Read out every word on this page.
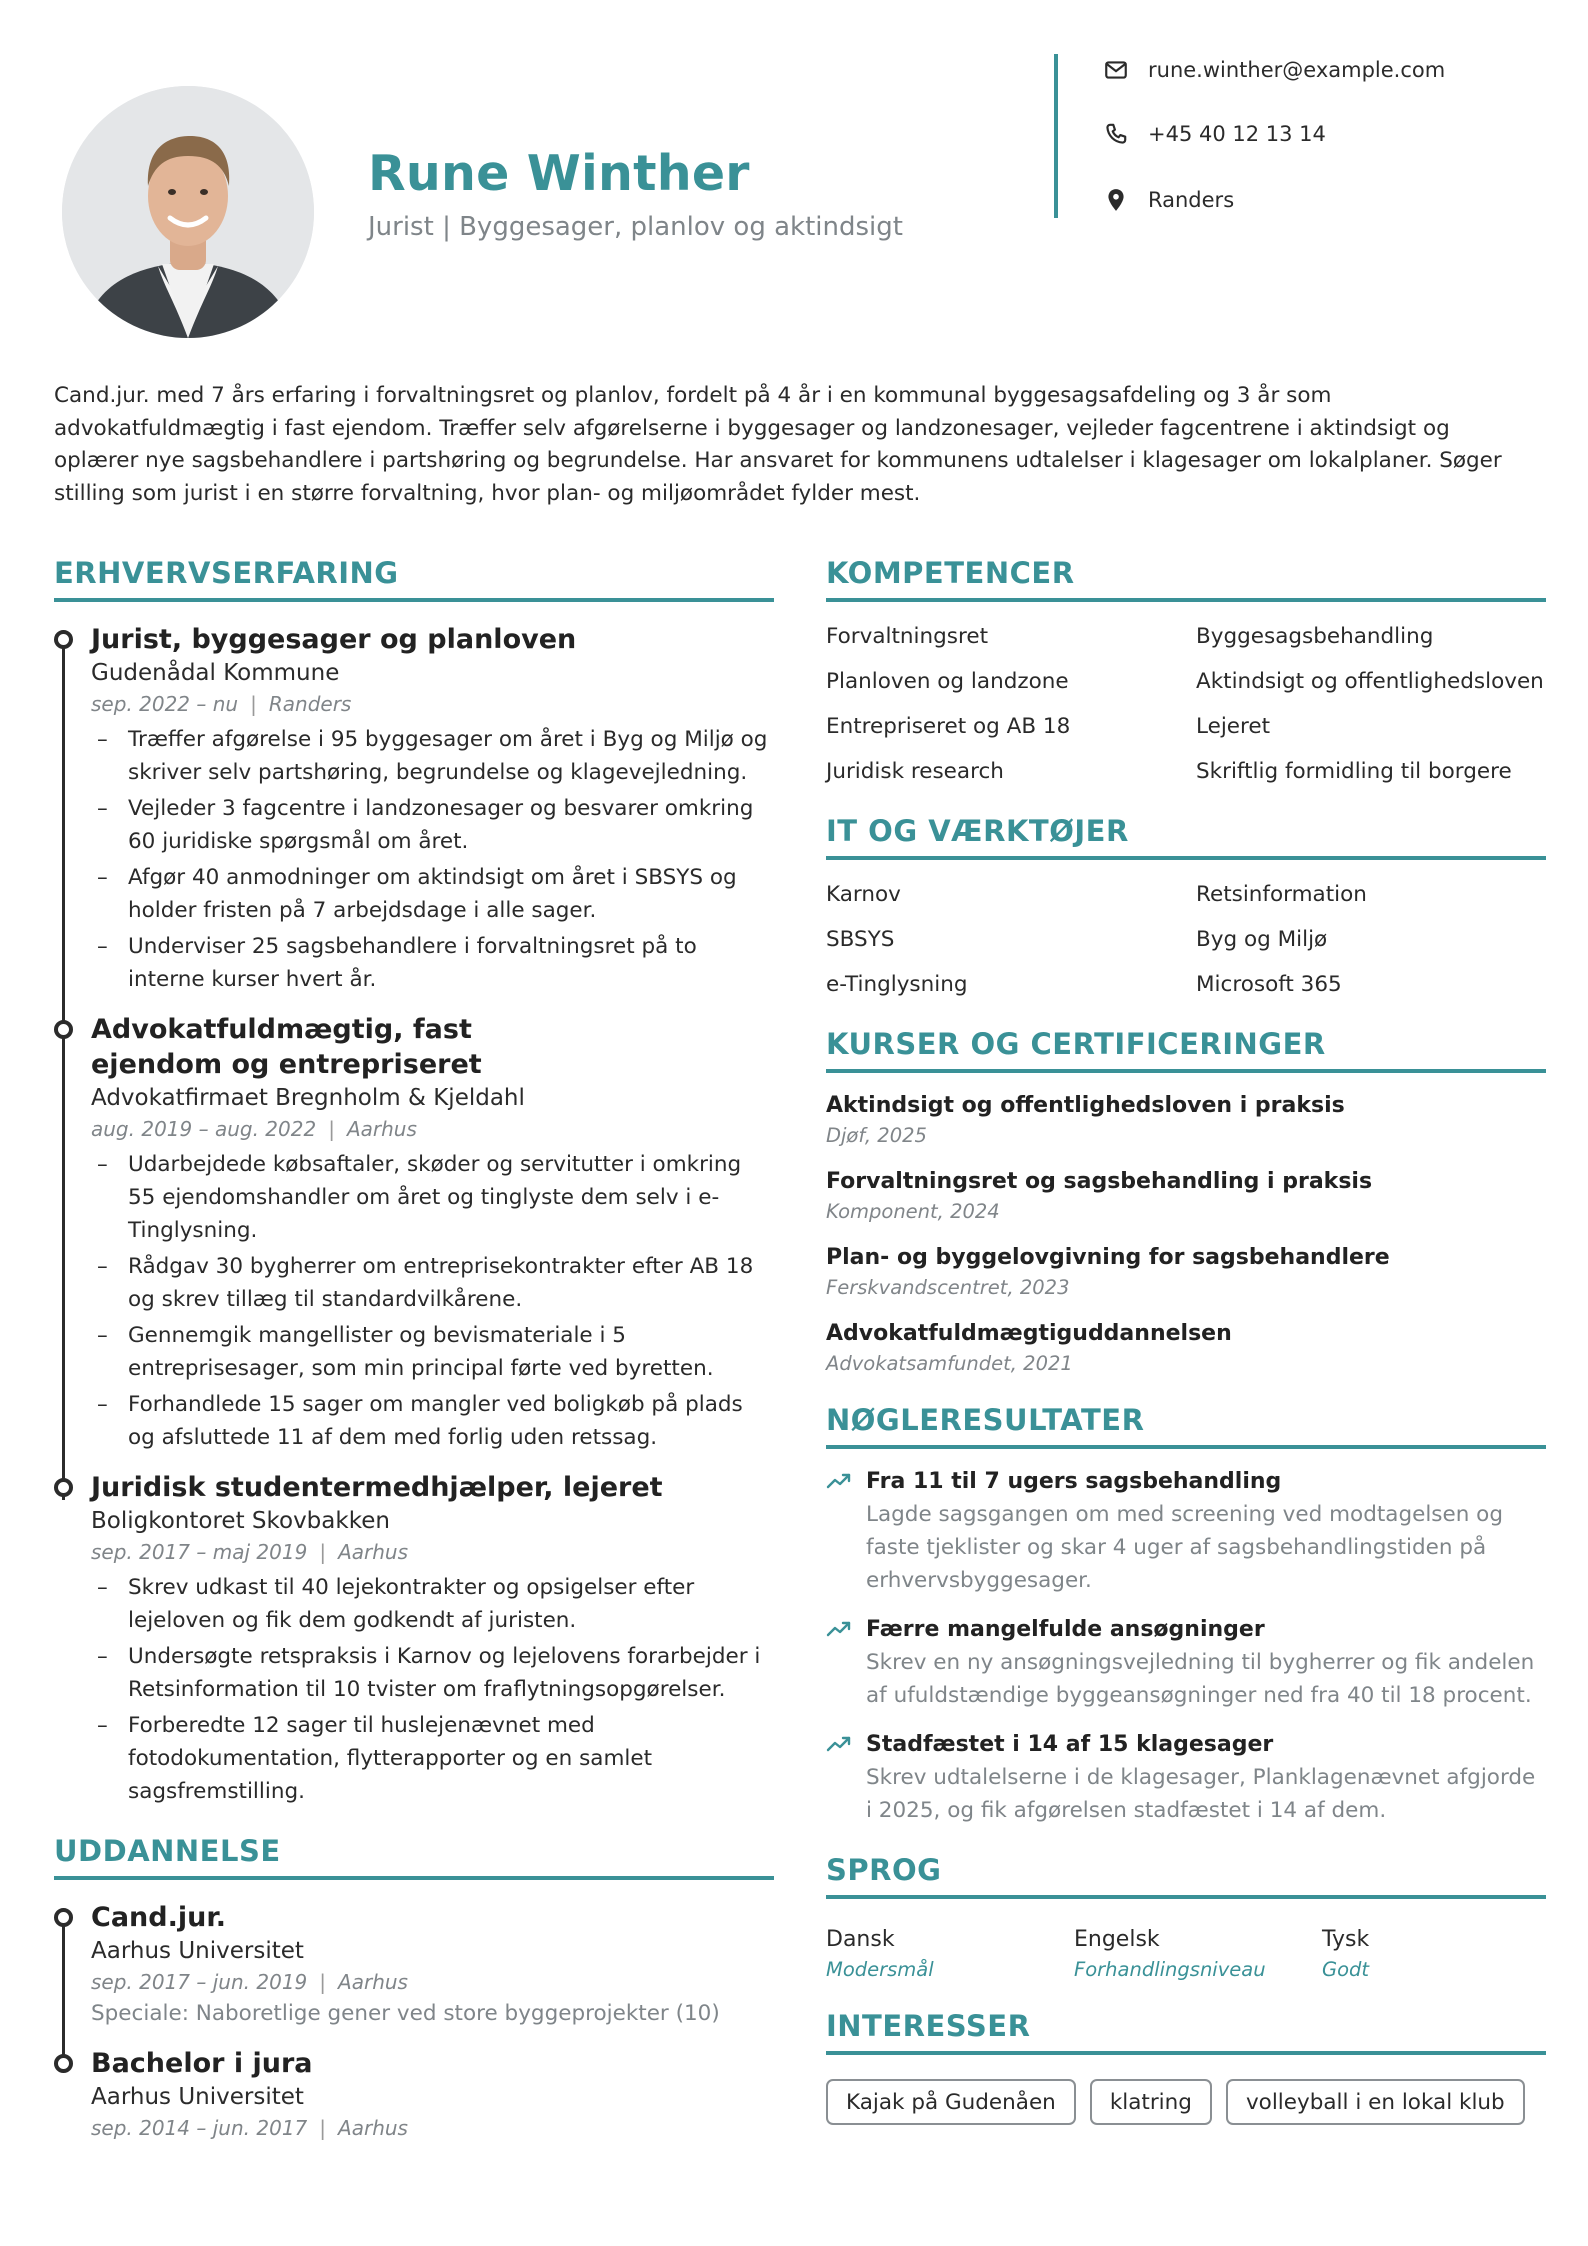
Rune Winther
Jurist | Byggesager, planlov og aktindsigt
rune.winther@example.com
+45 40 12 13 14
Randers
Cand.jur. med 7 års erfaring i forvaltningsret og planlov, fordelt på 4 år i en kommunal byggesagsafdeling og 3 år som advokatfuldmægtig i fast ejendom. Træffer selv afgørelserne i byggesager og landzonesager, vejleder fagcentrene i aktindsigt og oplærer nye sagsbehandlere i partshøring og begrundelse. Har ansvaret for kommunens udtalelser i klagesager om lokalplaner. Søger stilling som jurist i en større forvaltning, hvor plan- og miljøområdet fylder mest.
ERHVERVSERFARING
Jurist, byggesager og planloven
Gudenådal Kommune
sep. 2022 – nu | Randers
– Træffer afgørelse i 95 byggesager om året i Byg og Miljø og skriver selv partshøring, begrundelse og klagevejledning.
– Vejleder 3 fagcentre i landzonesager og besvarer omkring 60 juridiske spørgsmål om året.
– Afgør 40 anmodninger om aktindsigt om året i SBSYS og holder fristen på 7 arbejdsdage i alle sager.
– Underviser 25 sagsbehandlere i forvaltningsret på to interne kurser hvert år.
Advokatfuldmægtig, fast ejendom og entrepriseret
Advokatfirmaet Bregnholm & Kjeldahl
aug. 2019 – aug. 2022 | Aarhus
– Udarbejdede købsaftaler, skøder og servitutter i omkring 55 ejendomshandler om året og tinglyste dem selv i e-Tinglysning.
– Rådgav 30 bygherrer om entreprisekontrakter efter AB 18 og skrev tillæg til standardvilkårene.
– Gennemgik mangellister og bevismateriale i 5 entreprisesager, som min principal førte ved byretten.
– Forhandlede 15 sager om mangler ved boligkøb på plads og afsluttede 11 af dem med forlig uden retssag.
Juridisk studentermedhjælper, lejeret
Boligkontoret Skovbakken
sep. 2017 – maj 2019 | Aarhus
– Skrev udkast til 40 lejekontrakter og opsigelser efter lejeloven og fik dem godkendt af juristen.
– Undersøgte retspraksis i Karnov og lejelovens forarbejder i Retsinformation til 10 tvister om fraflytningsopgørelser.
– Forberedte 12 sager til huslejenævnet med fotodokumentation, flytterapporter og en samlet sagsfremstilling.
UDDANNELSE
Cand.jur.
Aarhus Universitet
sep. 2017 – jun. 2019 | Aarhus
Speciale: Naboretlige gener ved store byggeprojekter (10)
Bachelor i jura
Aarhus Universitet
sep. 2014 – jun. 2017 | Aarhus
KOMPETENCER
Forvaltningsret	Byggesagsbehandling
Planloven og landzone	Aktindsigt og offentlighedsloven
Entrepriseret og AB 18	Lejeret
Juridisk research	Skriftlig formidling til borgere
IT OG VÆRKTØJER
Karnov	Retsinformation
SBSYS	Byg og Miljø
e-Tinglysning	Microsoft 365
KURSER OG CERTIFICERINGER
Aktindsigt og offentlighedsloven i praksis
Djøf, 2025
Forvaltningsret og sagsbehandling i praksis
Komponent, 2024
Plan- og byggelovgivning for sagsbehandlere
Ferskvandscentret, 2023
Advokatfuldmægtiguddannelsen
Advokatsamfundet, 2021
NØGLERESULTATER
Fra 11 til 7 ugers sagsbehandling
Lagde sagsgangen om med screening ved modtagelsen og faste tjeklister og skar 4 uger af sagsbehandlingstiden på erhvervsbyggesager.
Færre mangelfulde ansøgninger
Skrev en ny ansøgningsvejledning til bygherrer og fik andelen af ufuldstændige byggeansøgninger ned fra 40 til 18 procent.
Stadfæstet i 14 af 15 klagesager
Skrev udtalelserne i de klagesager, Planklagenævnet afgjorde i 2025, og fik afgørelsen stadfæstet i 14 af dem.
SPROG
Dansk
Modersmål
Engelsk
Forhandlingsniveau
Tysk
Godt
INTERESSER
Kajak på Gudenåen	klatring	volleyball i en lokal klub
